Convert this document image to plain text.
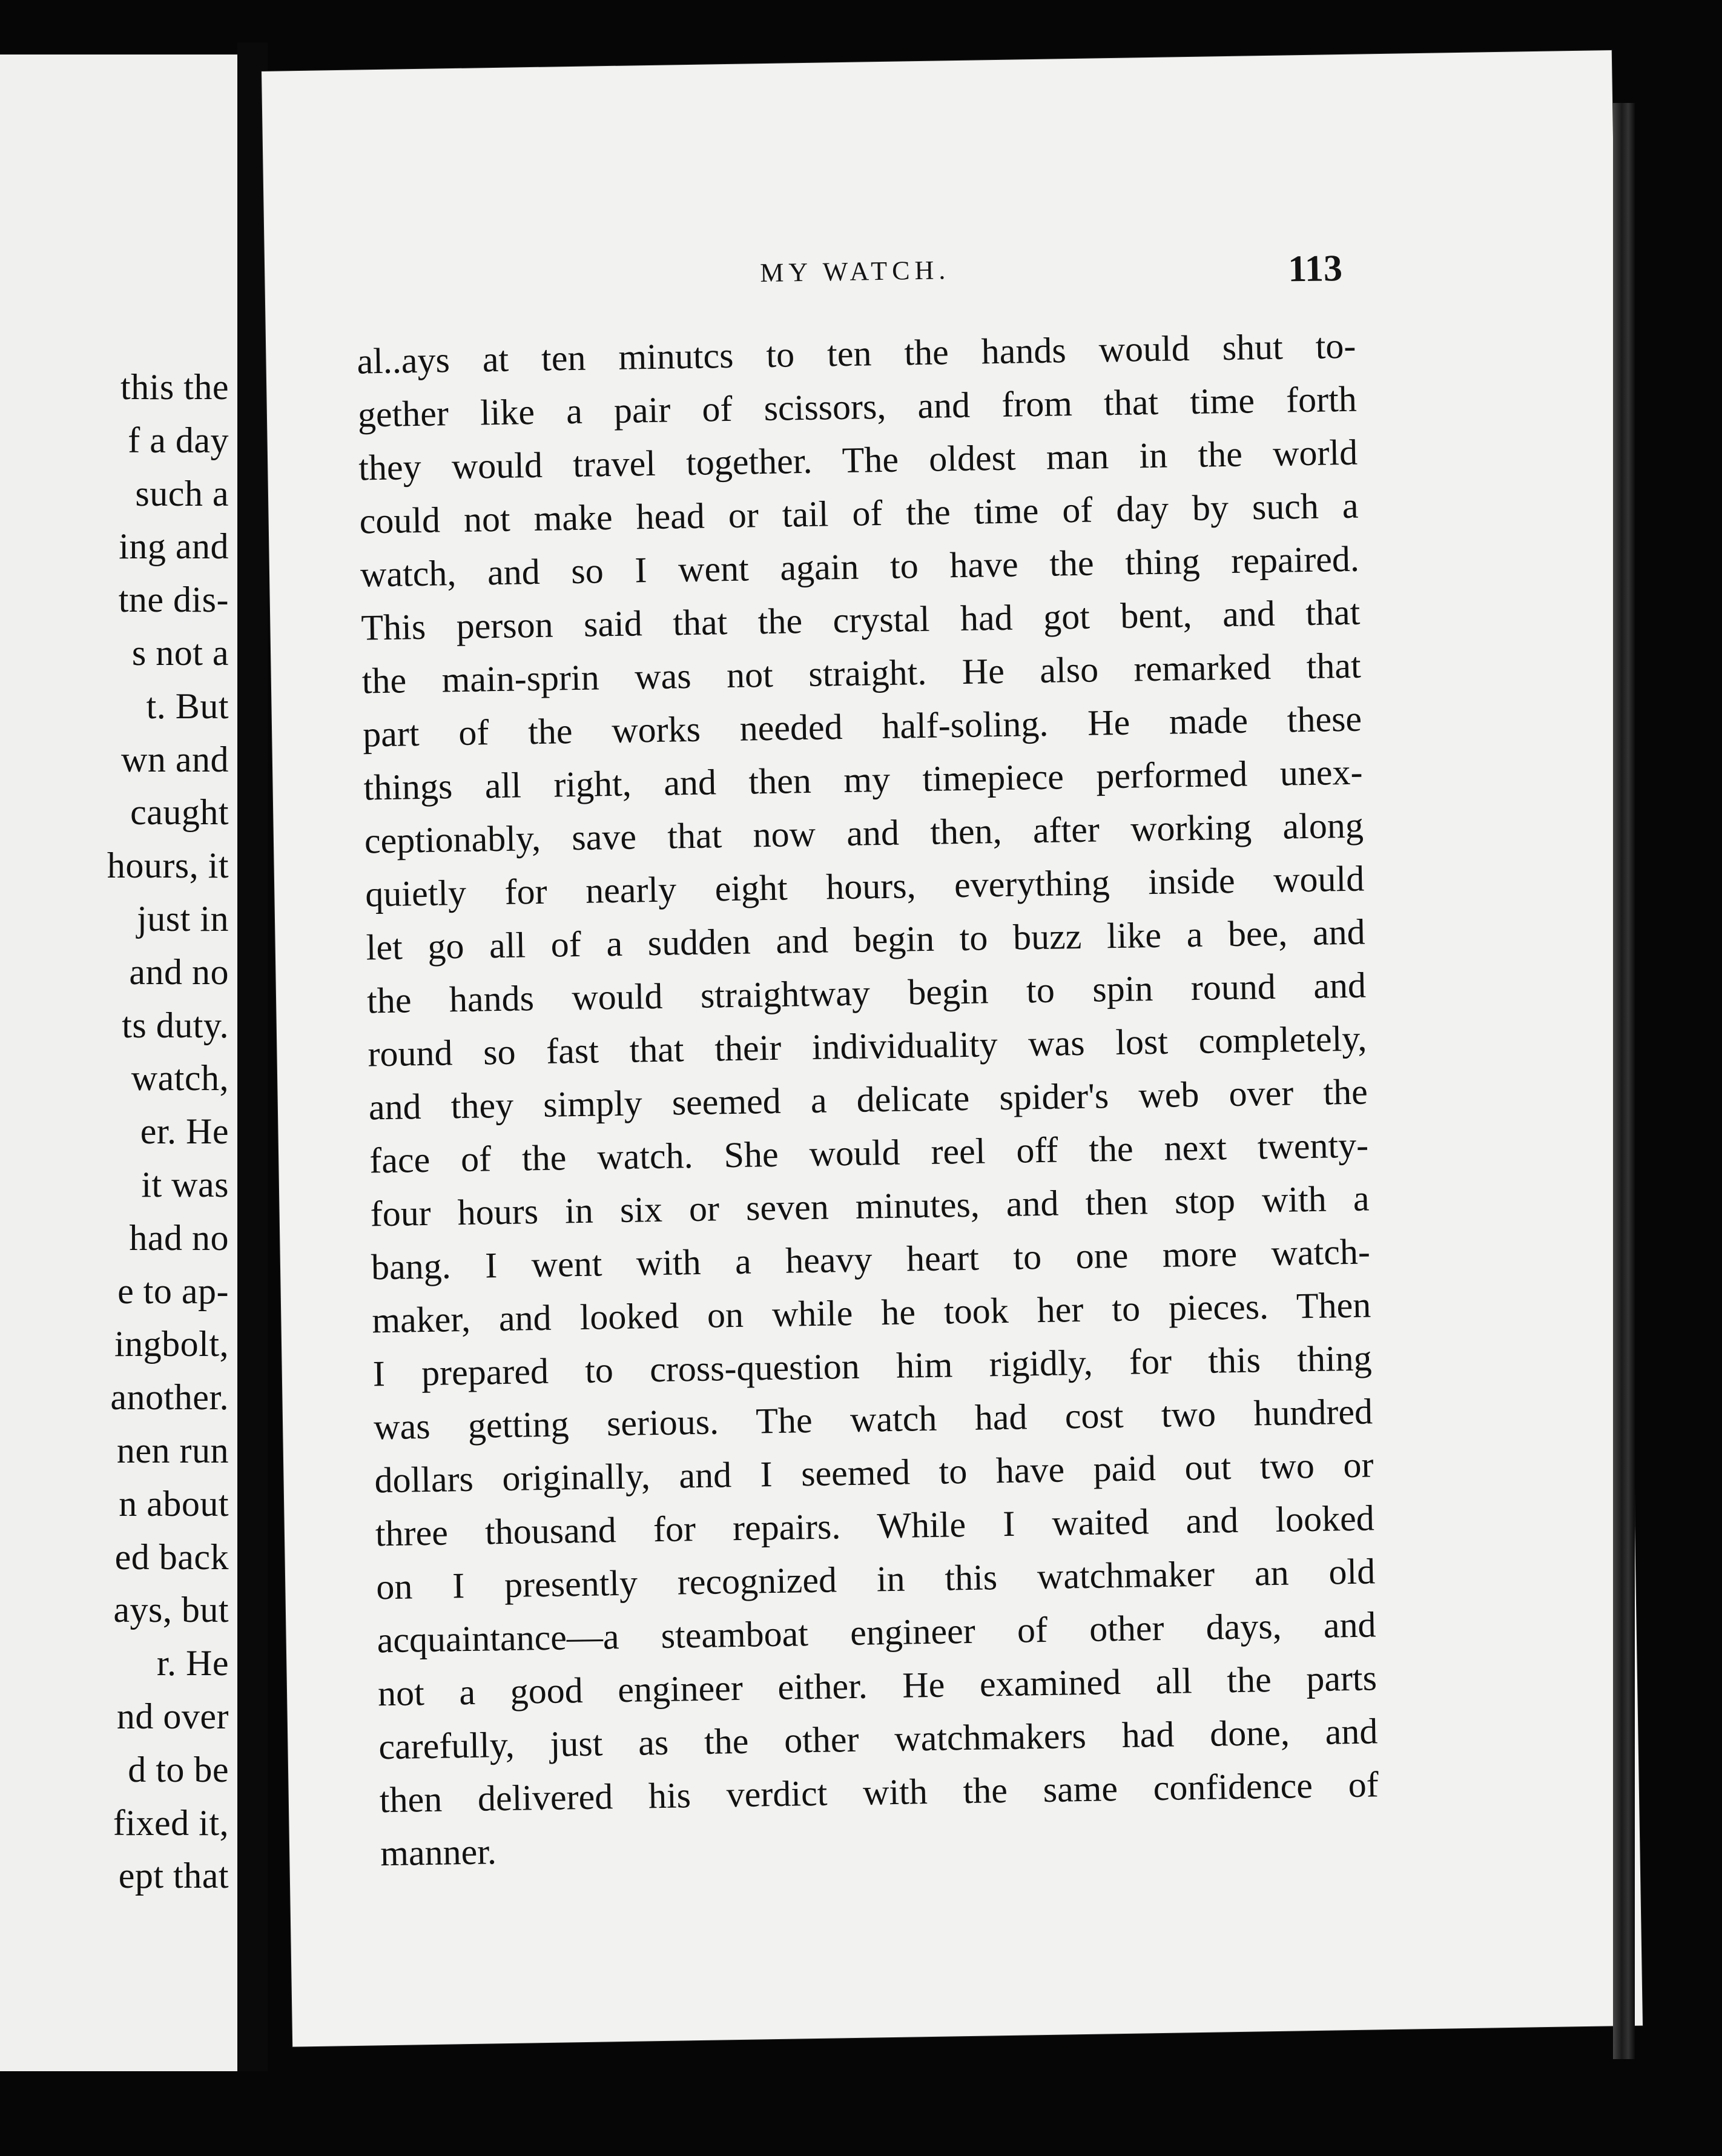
this the
f a day
such a
ing and
tne dis-
s not a
t. But
wn and
caught
hours, it
just in
and no
ts duty.
watch,
er. He
it was
had no
e to ap-
ingbolt,
another.
nen run
n about
ed back
ays, but
r. He
nd over
d to be
fixed it,
ept that
MY WATCH.	113
al..ays at ten minutcs to ten the hands would shut to-
gether like a pair of scissors, and from that time forth
they would travel together. The oldest man in the world
could not make head or tail of the time of day by such a
watch, and so I went again to have the thing repaired.
This person said that the crystal had got bent, and that
the main-sprin was not straight. He also remarked that
part of the works needed half-soling. He made these
things all right, and then my timepiece performed unex-
ceptionably, save that now and then, after working along
quietly for nearly eight hours, everything inside would
let go all of a sudden and begin to buzz like a bee, and
the hands would straightway begin to spin round and
round so fast that their individuality was lost completely,
and they simply seemed a delicate spider's web over the
face of the watch. She would reel off the next twenty-
four hours in six or seven minutes, and then stop with a
bang. I went with a heavy heart to one more watch-
maker, and looked on while he took her to pieces. Then
I prepared to cross-question him rigidly, for this thing
was getting serious. The watch had cost two hundred
dollars originally, and I seemed to have paid out two or
three thousand for repairs. While I waited and looked
on I presently recognized in this watchmaker an old
acquaintance—a steamboat engineer of other days, and
not a good engineer either. He examined all the parts
carefully, just as the other watchmakers had done, and
then delivered his verdict with the same confidence of
manner.
